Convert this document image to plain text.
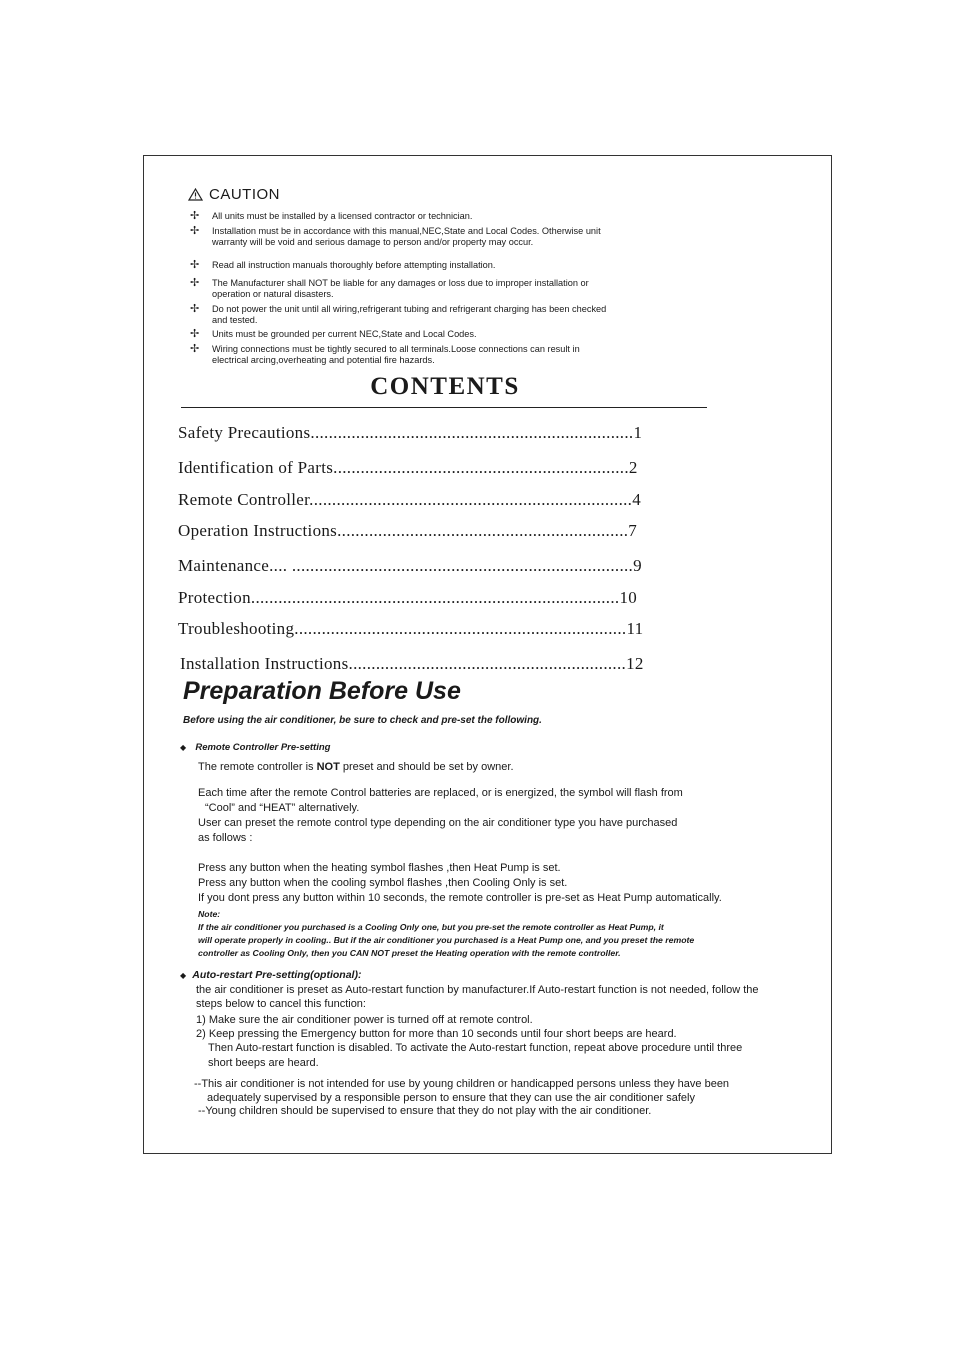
CAUTION
✢ All units must be installed by a licensed contractor or technician.
✢ Installation must be in accordance with this manual,NEC,State and Local Codes. Otherwise unit warranty will be void and serious damage to person and/or property may occur.
✢ Read all instruction manuals thoroughly before attempting installation.
✢ The Manufacturer shall NOT be liable for any damages or loss due to improper installation or operation or natural disasters.
✢ Do not power the unit until all wiring,refrigerant tubing and refrigerant charging has been checked and tested.
✢ Units must be grounded per current NEC,State and Local Codes.
✢ Wiring connections must be tightly secured to all terminals.Loose connections can result in electrical arcing,overheating and potential fire hazards.
CONTENTS
Safety Precautions.......................................................................1
Identification of Parts.................................................................2
Remote Controller.......................................................................4
Operation Instructions................................................................7
Maintenance.... ...........................................................................9
Protection.................................................................................10
Troubleshooting.........................................................................11
Installation Instructions.............................................................12
Preparation Before Use
Before using the air conditioner, be sure to check and pre-set the following.
◆ Remote Controller Pre-setting
The remote controller is NOT preset and should be set by owner.
Each time after the remote Control batteries are replaced, or is energized, the symbol will flash from
“Cool” and “HEAT” alternatively.
User can preset the remote control type depending on the air conditioner type you have purchased
as follows :
Press any button when the heating symbol flashes ,then Heat Pump is set.
Press any button when the cooling symbol flashes ,then Cooling Only is set.
If you dont press any button within 10 seconds, the remote controller is pre-set as Heat Pump automatically.
Note:
If the air conditioner you purchased is a Cooling Only one, but you pre-set the remote controller as Heat Pump, it
will operate properly in cooling.. But if the air conditioner you purchased is a Heat Pump one, and you preset the remote
controller as Cooling Only, then you CAN NOT preset the Heating operation with the remote controller.
◆ Auto-restart Pre-setting(optional):
the air conditioner is preset as Auto-restart function by manufacturer.If Auto-restart function is not needed, follow the
steps below to cancel this function:
1) Make sure the air conditioner power is turned off at remote control.
2) Keep pressing the Emergency button for more than 10 seconds until four short beeps are heard.
Then Auto-restart function is disabled. To activate the Auto-restart function, repeat above procedure until three
short beeps are heard.
--This air conditioner is not intended for use by young children or handicapped persons unless they have been
adequately supervised by a responsible person to ensure that they can use the air conditioner safely
--Young children should be supervised to ensure that they do not play with the air conditioner.
